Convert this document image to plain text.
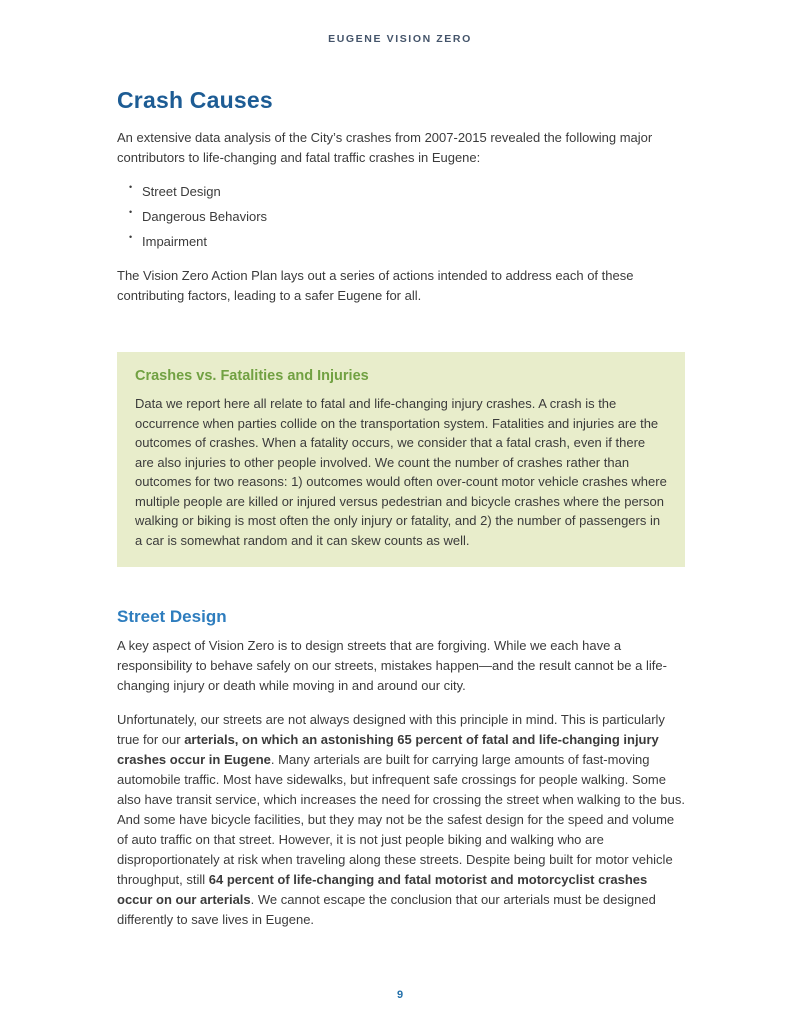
EUGENE VISION ZERO
Crash Causes

An extensive data analysis of the City’s crashes from 2007-2015 revealed the following major contributors to life-changing and fatal traffic crashes in Eugene:

• Street Design
• Dangerous Behaviors
• Impairment

The Vision Zero Action Plan lays out a series of actions intended to address each of these contributing factors, leading to a safer Eugene for all.

Crashes vs. Fatalities and Injuries

Data we report here all relate to fatal and life-changing injury crashes. A crash is the occurrence when parties collide on the transportation system. Fatalities and injuries are the outcomes of crashes. When a fatality occurs, we consider that a fatal crash, even if there are also injuries to other people involved. We count the number of crashes rather than outcomes for two reasons: 1) outcomes would often over-count motor vehicle crashes where multiple people are killed or injured versus pedestrian and bicycle crashes where the person walking or biking is most often the only injury or fatality, and 2) the number of passengers in a car is somewhat random and it can skew counts as well.

Street Design

A key aspect of Vision Zero is to design streets that are forgiving. While we each have a responsibility to behave safely on our streets, mistakes happen—and the result cannot be a life-changing injury or death while moving in and around our city.

Unfortunately, our streets are not always designed with this principle in mind. This is particularly true for our arterials, on which an astonishing 65 percent of fatal and life-changing injury crashes occur in Eugene. Many arterials are built for carrying large amounts of fast-moving automobile traffic. Most have sidewalks, but infrequent safe crossings for people walking. Some also have transit service, which increases the need for crossing the street when walking to the bus. And some have bicycle facilities, but they may not be the safest design for the speed and volume of auto traffic on that street. However, it is not just people biking and walking who are disproportionately at risk when traveling along these streets. Despite being built for motor vehicle throughput, still 64 percent of life-changing and fatal motorist and motorcyclist crashes occur on our arterials. We cannot escape the conclusion that our arterials must be designed differently to save lives in Eugene.

9
